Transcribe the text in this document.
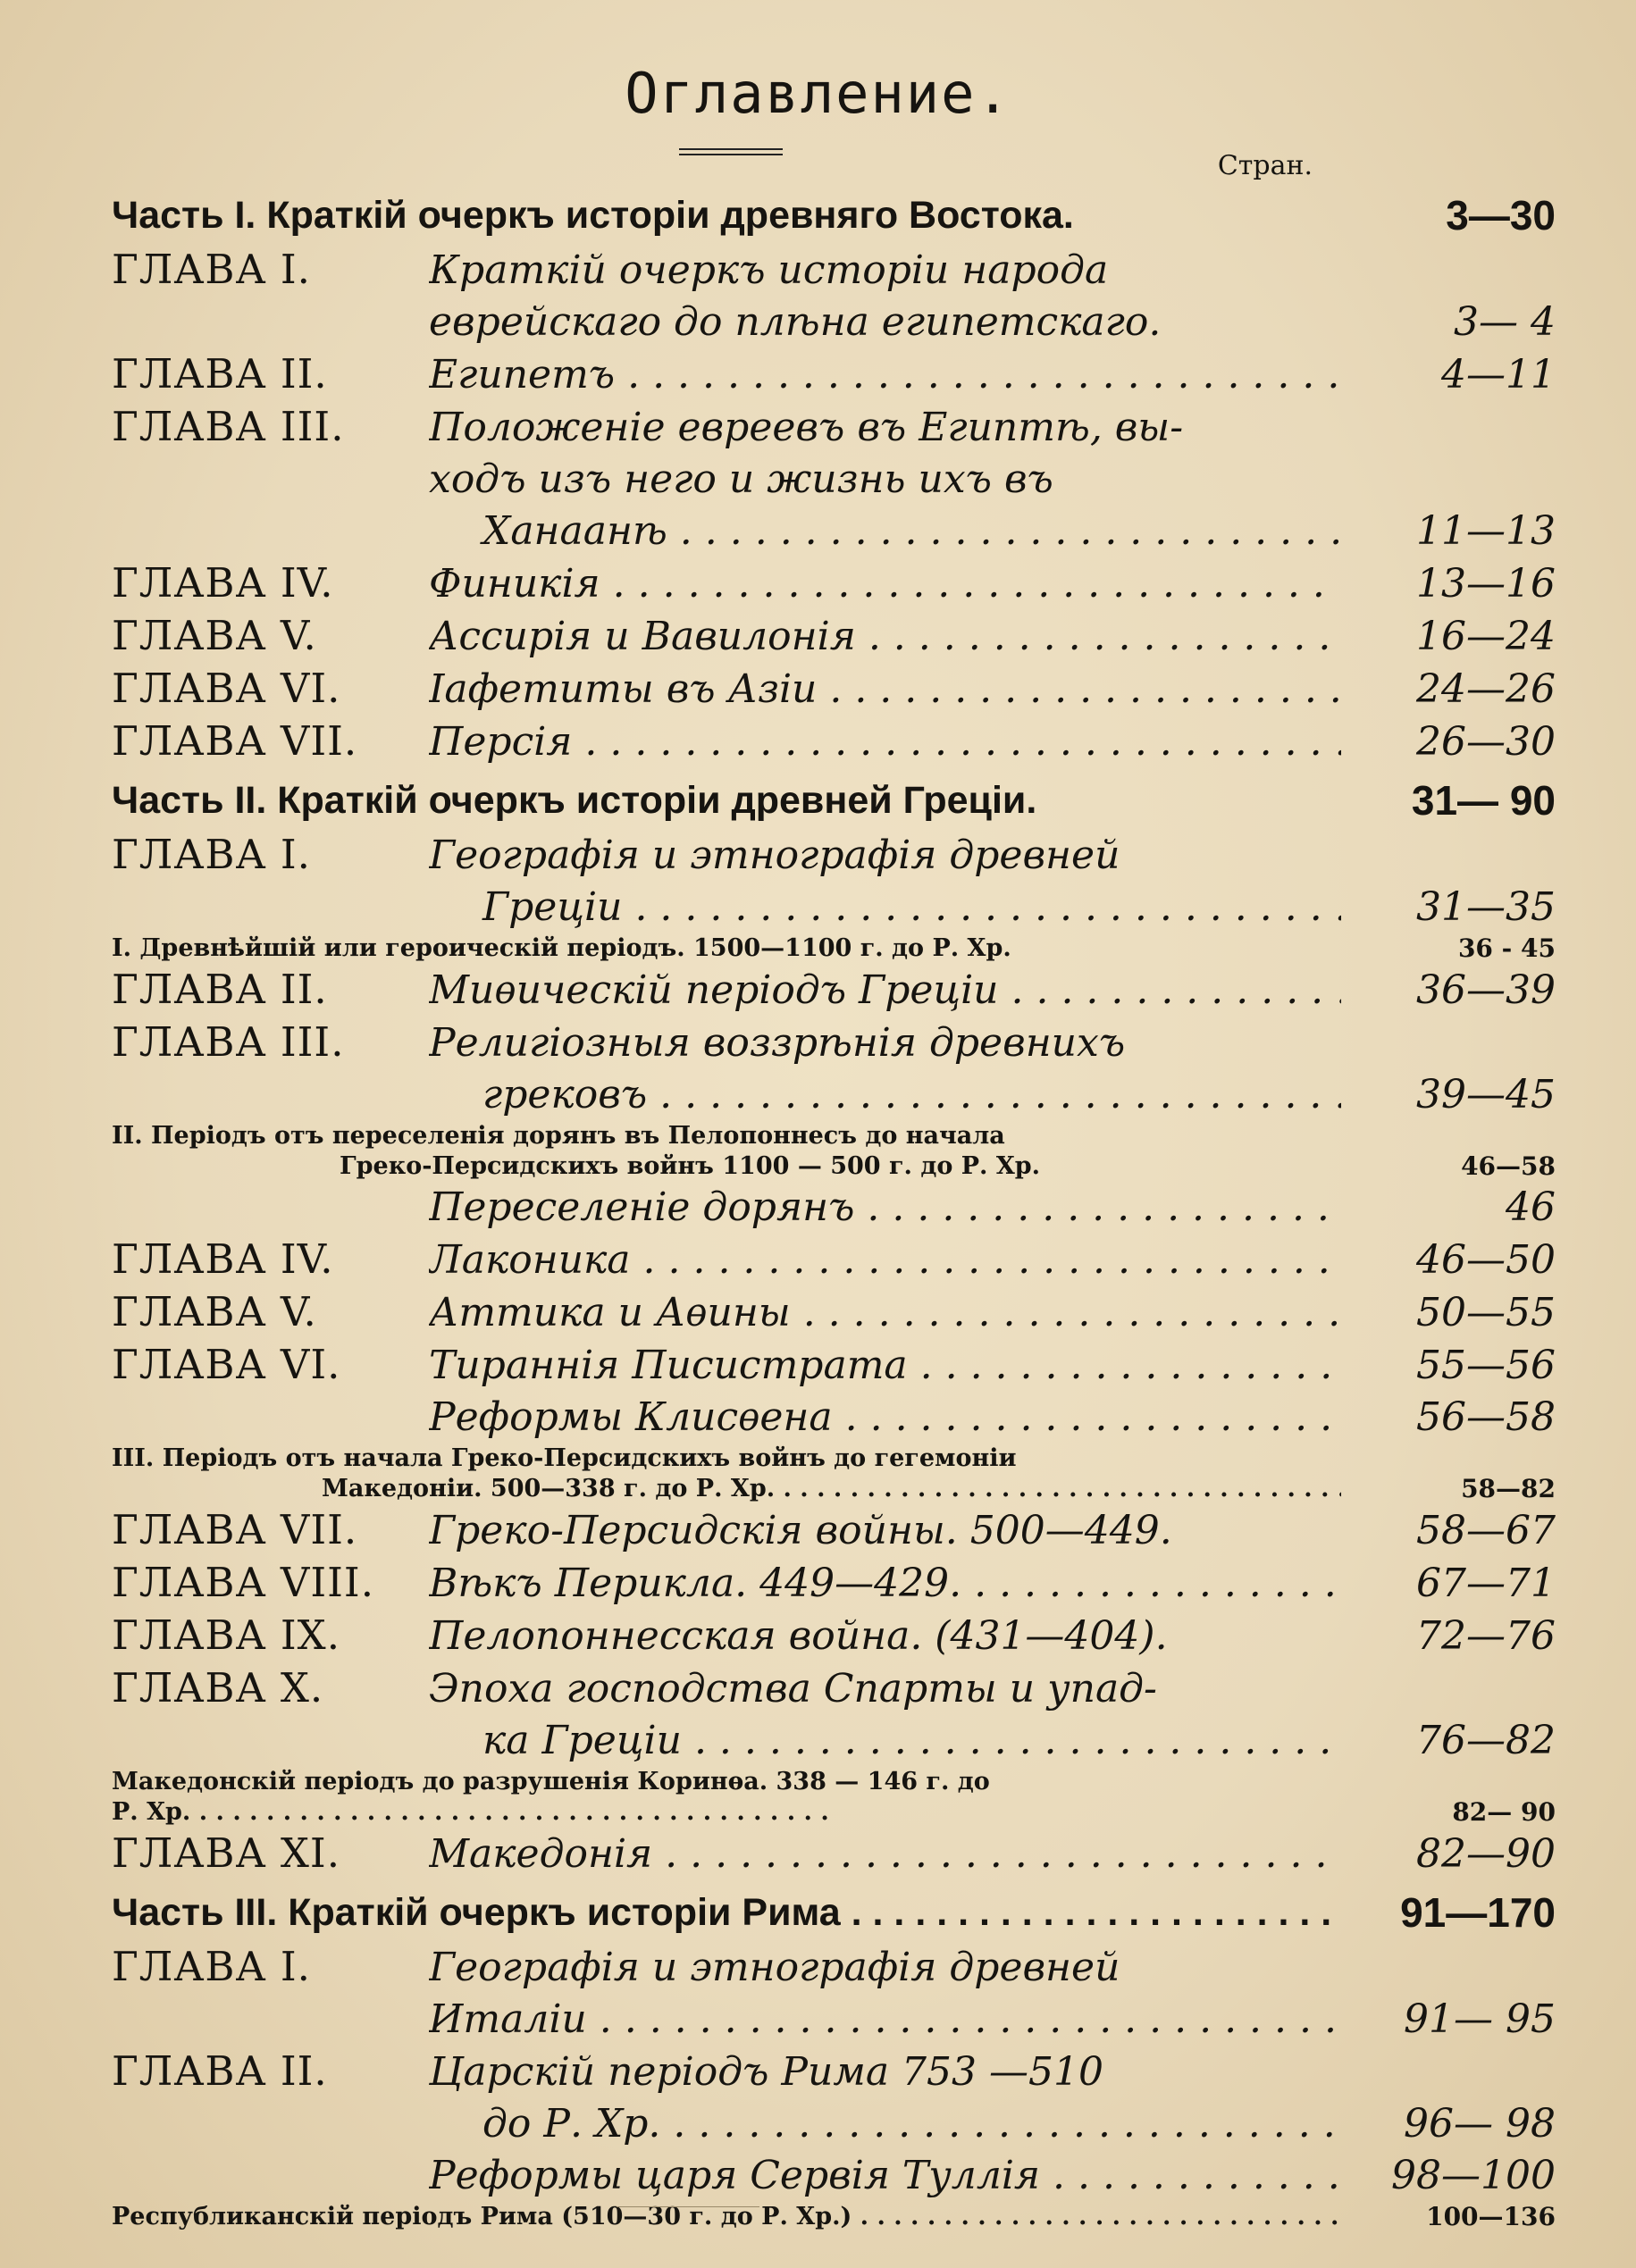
Оглавление.
Стран.
Часть I. Краткій очеркъ исторіи древняго Востока.	3—30
ГЛАВА I.	Краткій очеркъ исторіи народа
еврейскаго до плѣна египетскаго.	3— 4
ГЛАВА II.	Египетъ . . .	4—11
ГЛАВА III.	Положеніе евреевъ въ Египтѣ, вы-
ходъ изъ него и жизнь ихъ въ
Ханаанѣ . . .	11—13
ГЛАВА IV.	Финикія . . .	13—16
ГЛАВА V.	Ассирія и Вавилонія . . .	16—24
ГЛАВА VI.	Іафетиты въ Азіи . . .	24—26
ГЛАВА VII.	Персія . . .	26—30
Часть II. Краткій очеркъ исторіи древней Греціи.	31— 90
ГЛАВА I.	Географія и этнографія древней
Греціи . . .	31—35
I. Древнѣйшій или героическій періодъ. 1500—1100 г. до Р. Хр.	36 - 45
ГЛАВА II.	Миѳическій періодъ Греціи . . .	36—39
ГЛАВА III.	Религіозныя воззрѣнія древнихъ
грековъ . . .	39—45
II. Періодъ отъ переселенія дорянъ въ Пелопоннесъ до начала
Греко-Персидскихъ войнъ 1100 — 500 г. до Р. Хр.	46—58
Переселеніе дорянъ . . .	46
ГЛАВА IV.	Лаконика . . .	46—50
ГЛАВА V.	Аттика и Аѳины . . .	50—55
ГЛАВА VI.	Тираннія Писистрата . . .	55—56
Реформы Клисѳена . . .	56—58
III. Періодъ отъ начала Греко-Персидскихъ войнъ до гегемоніи
Македоніи. 500—338 г. до Р. Хр. . . .	58—82
ГЛАВА VII.	Греко-Персидскія войны. 500—449.	58—67
ГЛАВА VIII.	Вѣкъ Перикла. 449—429. . . .	67—71
ГЛАВА IX.	Пелопоннесская война. (431—404).	72—76
ГЛАВА X.	Эпоха господства Спарты и упад-
ка Греціи . . .	76—82
Македонскій періодъ до разрушенія Коринѳа. 338 — 146 г. до
Р. Хр. . . .	82— 90
ГЛАВА XI.	Македонія . . .	82—90
Часть III. Краткій очеркъ исторіи Рима . . .	91—170
ГЛАВА I.	Географія и этнографія древней
Италіи . . .	91— 95
ГЛАВА II.	Царскій періодъ Рима 753 —510
до Р. Хр. . . .	96— 98
Реформы царя Сервія Туллія . . .	98—100
Республиканскій періодъ Рима (510—30 г. до Р. Хр.) . . .	100—136
